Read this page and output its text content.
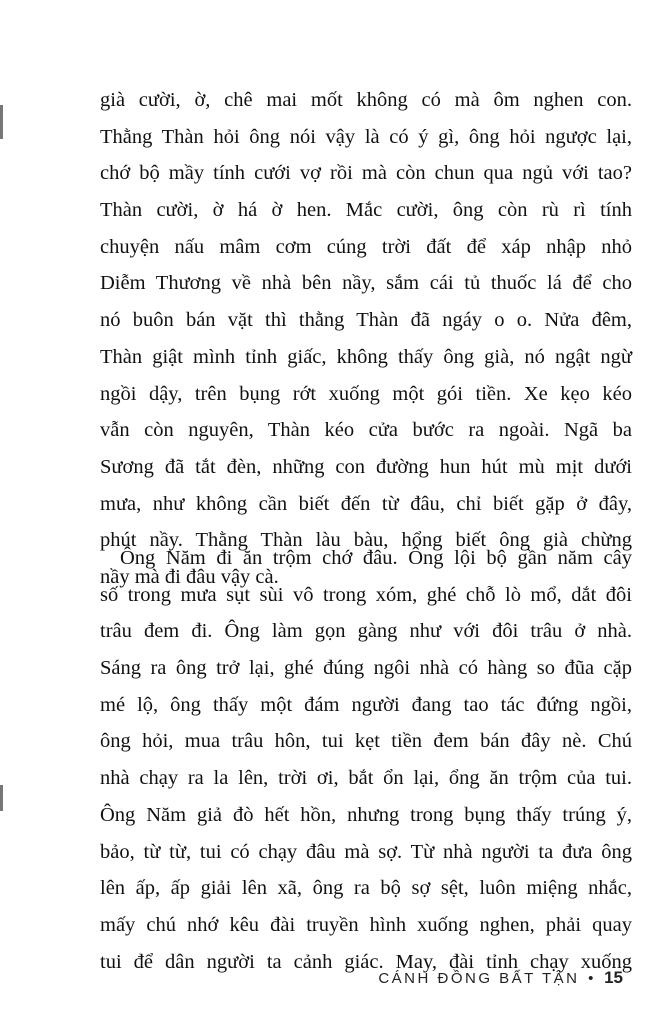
già cười, ờ, chê mai mốt không có mà ôm nghen con.
Thằng Thàn hỏi ông nói vậy là có ý gì, ông hỏi ngược lại,
chớ bộ mầy tính cưới vợ rồi mà còn chun qua ngủ với tao?
Thàn cười, ờ há ờ hen. Mắc cười, ông còn rù rì tính
chuyện nấu mâm cơm cúng trời đất để xáp nhập nhỏ
Diễm Thương về nhà bên nầy, sắm cái tủ thuốc lá để cho
nó buôn bán vặt thì thằng Thàn đã ngáy o o. Nửa đêm,
Thàn giật mình tỉnh giấc, không thấy ông già, nó ngật ngừ
ngồi dậy, trên bụng rớt xuống một gói tiền. Xe kẹo kéo
vẫn còn nguyên, Thàn kéo cửa bước ra ngoài. Ngã ba
Sương đã tắt đèn, những con đường hun hút mù mịt dưới
mưa, như không cần biết đến từ đâu, chỉ biết gặp ở đây,
phút nầy. Thằng Thàn làu bàu, hổng biết ông già chừng
nầy mà đi đâu vậy cà.
Ông Năm đi ăn trộm chớ đâu. Ông lội bộ gần năm cây
số trong mưa sụt sùi vô trong xóm, ghé chỗ lò mổ, dắt đôi
trâu đem đi. Ông làm gọn gàng như với đôi trâu ở nhà.
Sáng ra ông trở lại, ghé đúng ngôi nhà có hàng so đũa cặp
mé lộ, ông thấy một đám người đang tao tác đứng ngồi,
ông hỏi, mua trâu hôn, tui kẹt tiền đem bán đây nè. Chú
nhà chạy ra la lên, trời ơi, bắt ổn lại, ổng ăn trộm của tui.
Ông Năm giả đò hết hồn, nhưng trong bụng thấy trúng ý,
bảo, từ từ, tui có chạy đâu mà sợ. Từ nhà người ta đưa ông
lên ấp, ấp giải lên xã, ông ra bộ sợ sệt, luôn miệng nhắc,
mấy chú nhớ kêu đài truyền hình xuống nghen, phải quay
tui để dân người ta cảnh giác. May, đài tỉnh chạy xuống
CÁNH ĐỒNG BẤT TẬN • 15
